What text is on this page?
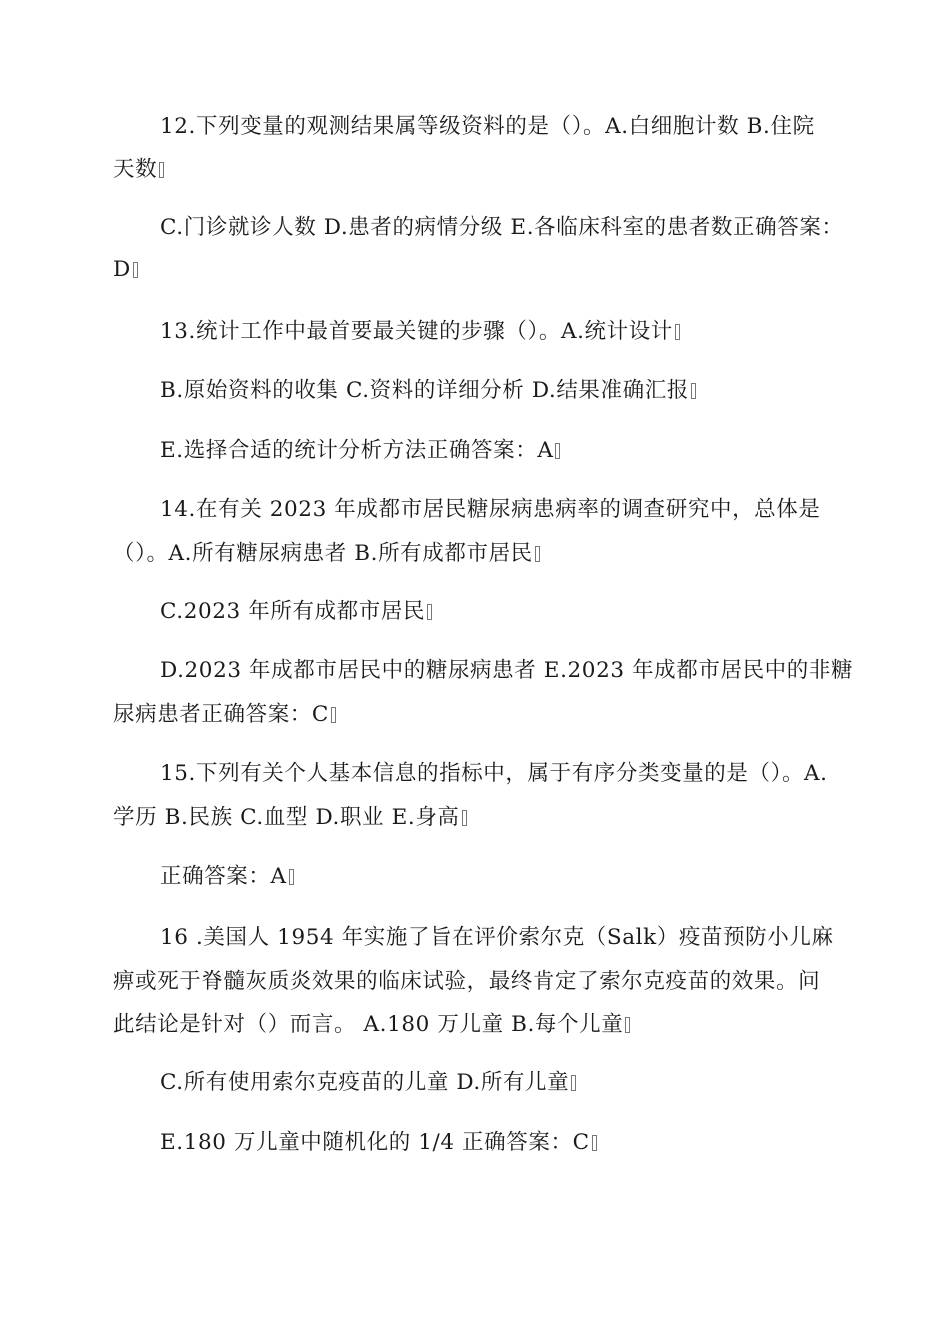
12.下列变量的观测结果属等级资料的是（）。A.白细胞计数 B.住院
天数
C.门诊就诊人数 D.患者的病情分级 E.各临床科室的患者数正确答案：
D
13.统计工作中最首要最关键的步骤（）。A.统计设计
B.原始资料的收集 C.资料的详细分析 D.结果准确汇报
E.选择合适的统计分析方法正确答案：A
14.在有关 2023 年成都市居民糖尿病患病率的调查研究中，总体是
（）。A.所有糖尿病患者 B.所有成都市居民
C.2023 年所有成都市居民
D.2023 年成都市居民中的糖尿病患者 E.2023 年成都市居民中的非糖
尿病患者正确答案：C
15.下列有关个人基本信息的指标中，属于有序分类变量的是（）。A.
学历 B.民族 C.血型 D.职业 E.身高
正确答案：A
16 .美国人 1954 年实施了旨在评价索尔克（Salk）疫苗预防小儿麻
痹或死于脊髓灰质炎效果的临床试验，最终肯定了索尔克疫苗的效果。问
此结论是针对（）而言。 A.180 万儿童 B.每个儿童
C.所有使用索尔克疫苗的儿童 D.所有儿童
E.180 万儿童中随机化的 1/4 正确答案：C
